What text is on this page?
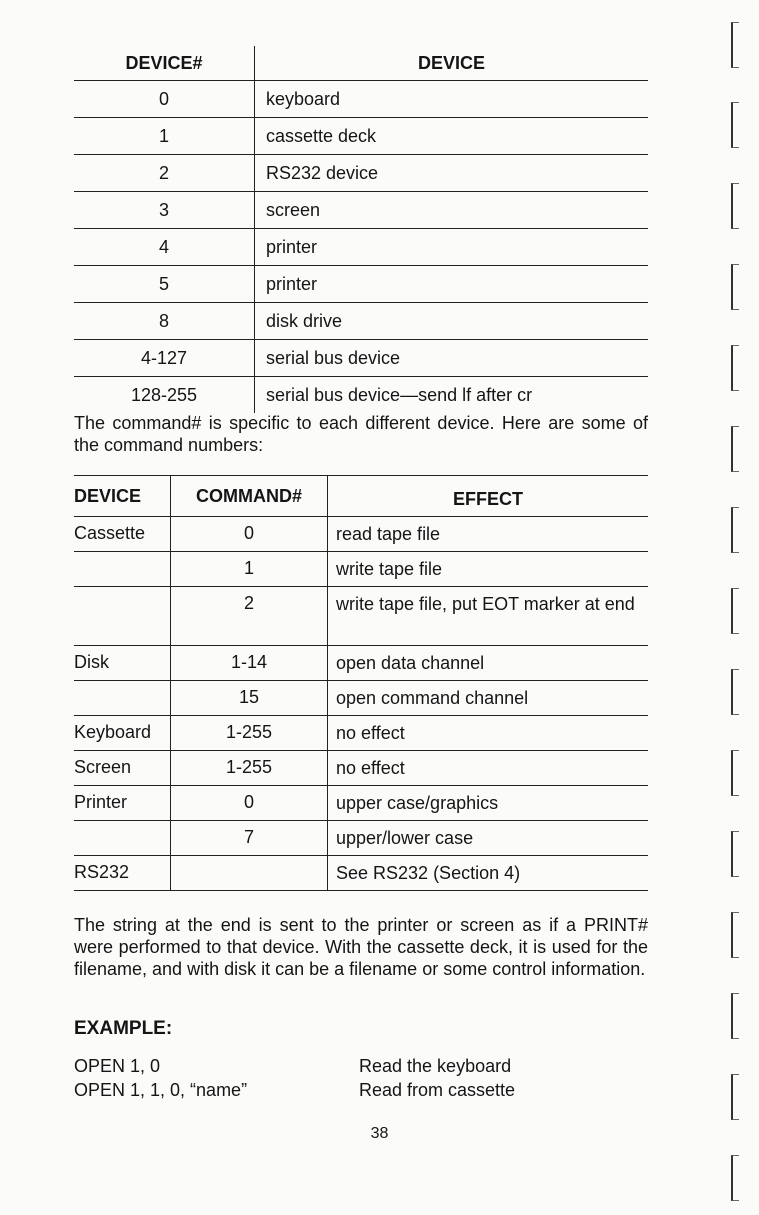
DEVICE#	DEVICE
0	keyboard
1	cassette deck
2	RS232 device
3	screen
4	printer
5	printer
8	disk drive
4-127	serial bus device
128-255	serial bus device—send lf after cr
The command# is specific to each different device. Here are some of the command numbers:
DEVICE	COMMAND#	EFFECT
Cassette	0	read tape file
	1	write tape file
	2	write tape file, put EOT marker at end
Disk	1-14	open data channel
	15	open command channel
Keyboard	1-255	no effect
Screen	1-255	no effect
Printer	0	upper case/graphics
	7	upper/lower case
RS232		See RS232 (Section 4)
The string at the end is sent to the printer or screen as if a PRINT# were performed to that device. With the cassette deck, it is used for the filename, and with disk it can be a filename or some control information.
EXAMPLE:
OPEN 1, 0	Read the keyboard
OPEN 1, 1, 0, “name”	Read from cassette
38
